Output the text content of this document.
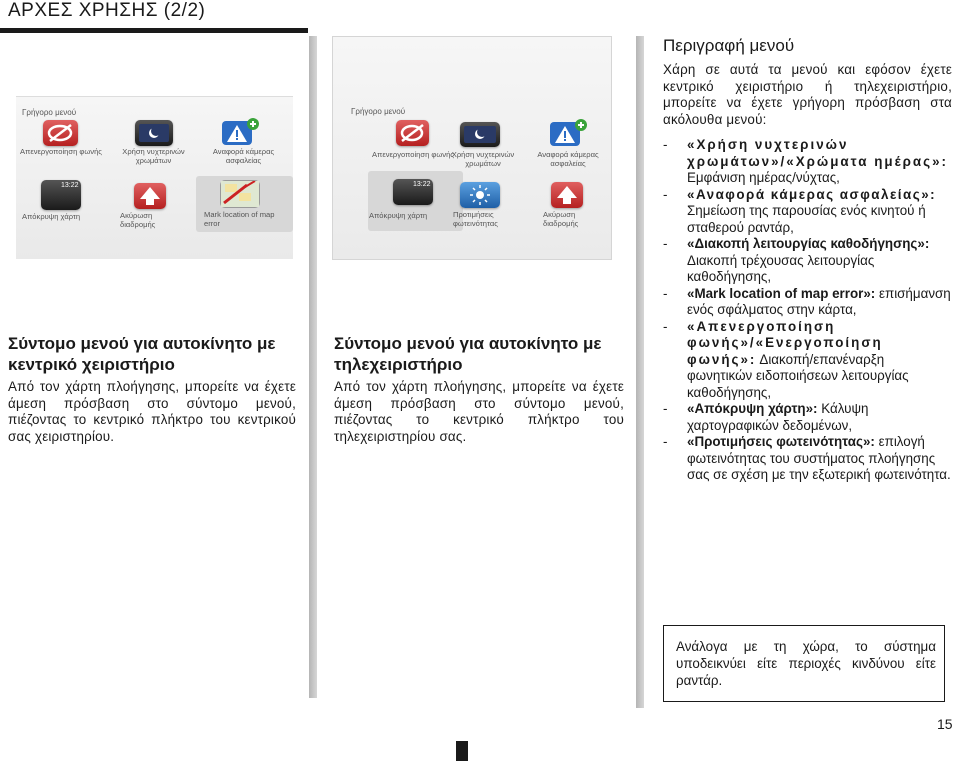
ΑΡΧΕΣ ΧΡΗΣΗΣ (2/2)
Γρήγορο μενού
Απενεργοποίηση φωνής	Χρήση νυχτερινών χρωμάτων
Αναφορά κάμερας ασφαλείας
13:22
Απόκρυψη χάρτη	Ακύρωση διαδρομής
Mark location of map error
Σύντομο μενού για αυτοκίνητο με κεντρικό χειριστήριο
Από τον χάρτη πλοήγησης, μπορείτε να έχετε άμεση πρόσβαση στο σύντομο μενού, πιέζοντας το κεντρικό πλήκτρο του κεντρικού σας χειριστηρίου.
Γρήγορο μενού
Απενεργοποίηση φωνής
Χρήση νυχτερινών χρωμάτων
Αναφορά κάμερας ασφαλείας
13:22
Απόκρυψη χάρτη	Προτιμήσεις φωτεινότητας
Ακύρωση διαδρομής
Σύντομο μενού για αυτοκίνητο με τηλεχειριστήριο
Από τον χάρτη πλοήγησης, μπορείτε να έχετε άμεση πρόσβαση στο σύντομο μενού, πιέζοντας το κεντρικό πλήκτρο του τηλεχειριστηρίου σας.
Περιγραφή μενού
Χάρη σε αυτά τα μενού και εφόσον έχετε κεντρικό χειριστήριο ή τηλεχειριστήριο, μπορείτε να έχετε γρήγορη πρόσβαση στα ακόλουθα μενού:

- «Χρήση νυχτερινών χρωμάτων»/«Χρώματα ημέρας»: Εμφάνιση ημέρας/νύχτας,

- «Αναφορά κάμερας ασφαλείας»: Σημείωση της παρουσίας ενός κινητού ή σταθερού ραντάρ,

- «Διακοπή λειτουργίας καθοδήγησης»: Διακοπή τρέχουσας λειτουργίας καθοδήγησης,

- «Mark location of map error»: επισήμανση ενός σφάλματος στην κάρτα,

- «Απενεργοποίηση φωνής»/«Ενεργοποίηση φωνής»: Διακοπή/επανέναρξη φωνητικών ειδοποιήσεων λειτουργίας καθοδήγησης,

- «Απόκρυψη χάρτη»: Κάλυψη χαρτογραφικών δεδομένων,

- «Προτιμήσεις φωτεινότητας»: επιλογή φωτεινότητας του συστήματος πλοήγησης σας σε σχέση με την εξωτερική φωτεινότητα.

Ανάλογα με τη χώρα, το σύστημα υποδεικνύει είτε περιοχές κινδύνου είτε ραντάρ.
15
